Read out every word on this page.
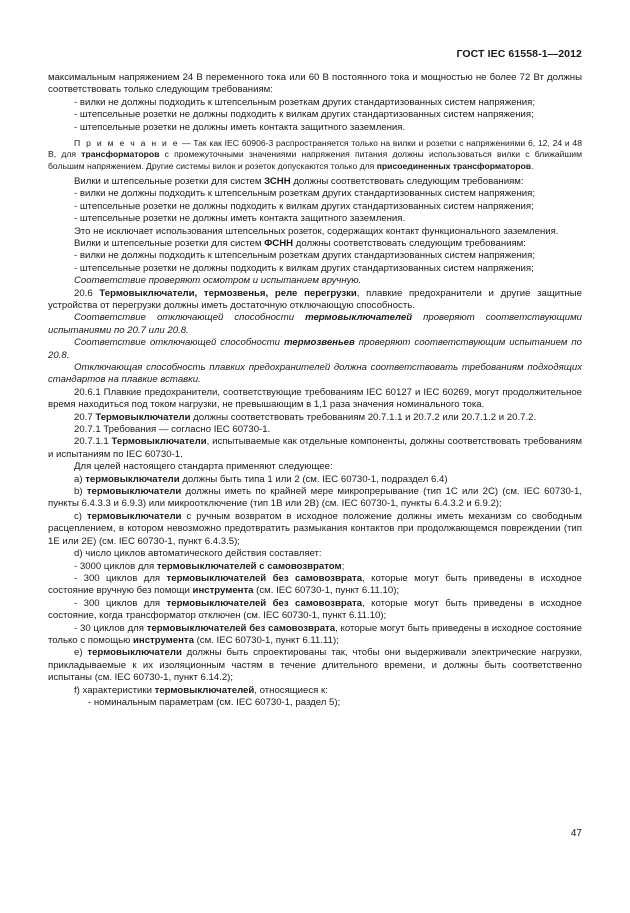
ГОСТ IEC 61558-1—2012

максимальным напряжением 24 В переменного тока или 60 В постоянного тока и мощностью не более 72 Вт должны соответствовать только следующим требованиям:

- вилки не должны подходить к штепсельным розеткам других стандартизованных систем напряжения;

- штепсельные розетки не должны подходить к вилкам других стандартизованных систем напряжения;

- штепсельные розетки не должны иметь контакта защитного заземления.

П р и м е ч а н и е — Так как IEC 60906-3 распространяется только на вилки и розетки с напряжениями 6, 12, 24 и 48 В, для трансформаторов с промежуточными значениями напряжения питания должны использоваться вилки с ближайшим большим напряжением. Другие системы вилок и розеток допускаются только для присоединенных трансформаторов.

Вилки и штепсельные розетки для систем ЗСНН должны соответствовать следующим требованиям:

- вилки не должны подходить к штепсельным розеткам других стандартизованных систем напряжения;

- штепсельные розетки не должны подходить к вилкам других стандартизованных систем напряжения;

- штепсельные розетки не должны иметь контакта защитного заземления.

Это не исключает использования штепсельных розеток, содержащих контакт функционального заземления.

Вилки и штепсельные розетки для систем ФСНН должны соответствовать следующим требованиям:

- вилки не должны подходить к штепсельным розеткам других стандартизованных систем напряжения;

- штепсельные розетки не должны подходить к вилкам других стандартизованных систем напряжения;

Соответствие проверяют осмотром и испытанием вручную.

20.6 Термовыключатели, термозвенья, реле перегрузки, плавкие предохранители и другие защитные устройства от перегрузки должны иметь достаточную отключающую способность.

Соответствие отключающей способности термовыключателей проверяют соответствующими испытаниями по 20.7 или 20.8.

Соответствие отключающей способности термозвеньев проверяют соответствующим испытанием по 20.8.

Отключающая способность плавких предохранителей должна соответствовать требованиям подходящих стандартов на плавкие вставки.

20.6.1 Плавкие предохранители, соответствующие требованиям IEC 60127 и IEC 60269, могут продолжительное время находиться под током нагрузки, не превышающим в 1,1 раза значения номинального тока.

20.7 Термовыключатели должны соответствовать требованиям 20.7.1.1 и 20.7.2 или 20.7.1.2 и 20.7.2.

20.7.1 Требования — согласно IEC 60730-1.

20.7.1.1 Термовыключатели, испытываемые как отдельные компоненты, должны соответствовать требованиям и испытаниям по IEC 60730-1.

Для целей настоящего стандарта применяют следующее:

а) термовыключатели должны быть типа 1 или 2 (см. IEC 60730-1, подраздел 6.4)

b) термовыключатели должны иметь по крайней мере микропрерывание (тип 1C или 2C) (см. IEC 60730-1, пункты 6.4.3.3 и 6.9.3) или микроотключение (тип 1B или 2B) (см. IEC 60730-1, пункты 6.4.3.2 и 6.9.2);

c) термовыключатели с ручным возвратом в исходное положение должны иметь механизм со свободным расцеплением, в котором невозможно предотвратить размыкания контактов при продолжающемся повреждении (тип 1E или 2E) (см. IEC 60730-1, пункт 6.4.3.5);

d) число циклов автоматического действия составляет:

- 3000 циклов для термовыключателей с самовозвратом;

- 300 циклов для термовыключателей без самовозврата, которые могут быть приведены в исходное состояние вручную без помощи инструмента (см. IEC 60730-1, пункт 6.11.10);

- 300 циклов для термовыключателей без самовозврата, которые могут быть приведены в исходное состояние, когда трансформатор отключен (см. IEC 60730-1, пункт 6.11.10);

- 30 циклов для термовыключателей без самовозврата, которые могут быть приведены в исходное состояние только с помощью инструмента (см. IEC 60730-1, пункт 6.11.11);

е) термовыключатели должны быть спроектированы так, чтобы они выдерживали электрические нагрузки, прикладываемые к их изоляционным частям в течение длительного времени, и должны быть соответственно испытаны (см. IEC 60730-1, пункт 6.14.2);

f) характеристики термовыключателей, относящиеся к:

- номинальным параметрам (см. IEC 60730-1, раздел 5);

47
